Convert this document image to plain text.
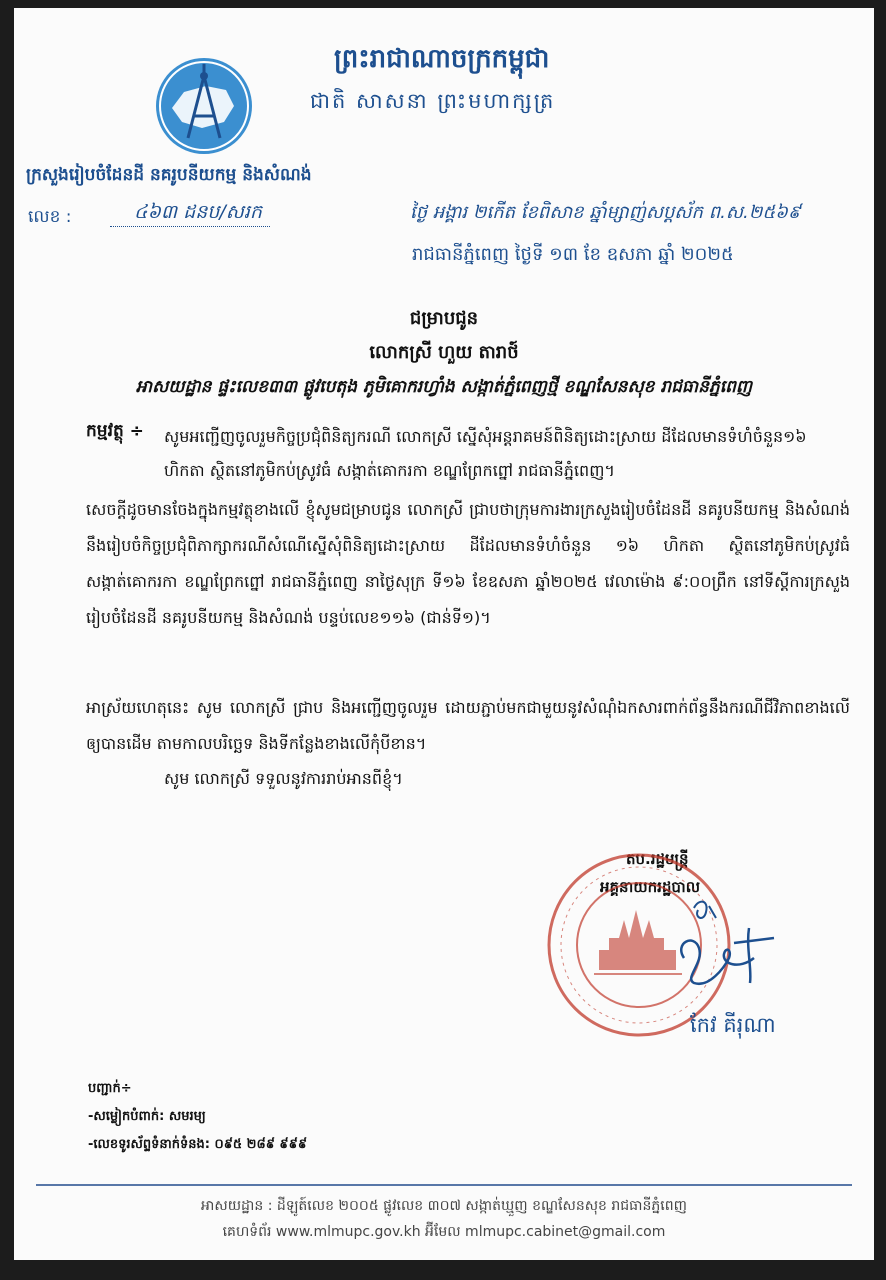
ព្រះរាជាណាចក្រកម្ពុជា
ជាតិ សាសនា ព្រះមហាក្សត្រ
ក្រសួងរៀបចំដែនដី នគរូបនីយកម្ម និងសំណង់
លេខ :	៤៦៣ ដនប/សរក	ថ្ងៃ អង្គារ ២កើត ខែពិសាខ ឆ្នាំម្សាញ់សប្តស័ក ព.ស.២៥៦៩
រាជធានីភ្នំពេញ ថ្ងៃទី ១៣ ខែ ឧសភា ឆ្នាំ ២០២៥
ជម្រាបជូន
លោកស្រី ហួយ តារាថ៍
អាសយដ្ឋាន ផ្ទះលេខ៣៣ ផ្លូវបេតុង ភូមិគោករហ្វាំង សង្កាត់ភ្នំពេញថ្មី ខណ្ឌសែនសុខ រាជធានីភ្នំពេញ
កម្មវត្ថុ ÷ សូមអញ្ជើញចូលរួមកិច្ចប្រជុំពិនិត្យករណី លោកស្រី ស្នើសុំអន្តរាគមន៍ពិនិត្យដោះស្រាយ ដីដែលមានទំហំចំនួន១៦ ហិកតា ស្ថិតនៅភូមិកប់ស្រូវធំ សង្កាត់គោករកា ខណ្ឌព្រែកព្នៅ រាជធានីភ្នំពេញ។
សេចក្តីដូចមានចែងក្នុងកម្មវត្ថុខាងលើ ខ្ញុំសូមជម្រាបជូន លោកស្រី ជ្រាបថាក្រុមការងារក្រសួងរៀបចំដែនដី នគរូបនីយកម្ម និងសំណង់ នឹងរៀបចំកិច្ចប្រជុំពិភាក្សាករណីសំណើស្នើសុំពិនិត្យដោះស្រាយ ដីដែលមានទំហំចំនួន ១៦ ហិកតា ស្ថិតនៅភូមិកប់ស្រូវធំ សង្កាត់គោករកា ខណ្ឌព្រែកព្នៅ រាជធានីភ្នំពេញ នាថ្ងៃសុក្រ ទី១៦ ខែឧសភា ឆ្នាំ២០២៥ វេលាម៉ោង ៩:០០ព្រឹក នៅទីស្តីការក្រសួងរៀបចំដែនដី នគរូបនីយកម្ម និងសំណង់ បន្ទប់លេខ១១៦ (ជាន់ទី១)។
អាស្រ័យហេតុនេះ សូម លោកស្រី ជ្រាប និងអញ្ជើញចូលរួម ដោយភ្ជាប់មកជាមួយនូវសំណុំឯកសារពាក់ព័ន្ធនឹងករណីជីវិភាពខាងលើឲ្យបានដើម តាមកាលបរិច្ឆេទ និងទីកន្លែងខាងលើកុំបីខាន។
សូម លោកស្រី ទទួលនូវការរាប់អានពីខ្ញុំ។
តប.រដ្ឋមន្ត្រី
អគ្គនាយករដ្ឋបាល
កែវ គីរុណា
បញ្ជាក់÷
-សម្លៀកបំពាក់: សមរម្យ
-លេខទូរស័ព្ទទំនាក់ទំនង: ០៩៥ ២៨៩ ៩៩៩
អាសយដ្ឋាន : ដីឡូត៍លេខ ២០០៥ ផ្លូវលេខ ៣០៧ សង្កាត់ឃ្មួញ ខណ្ឌសែនសុខ រាជធានីភ្នំពេញ
គេហទំព័រ www.mlmupc.gov.kh អ៊ីមែល mlmupc.cabinet@gmail.com
